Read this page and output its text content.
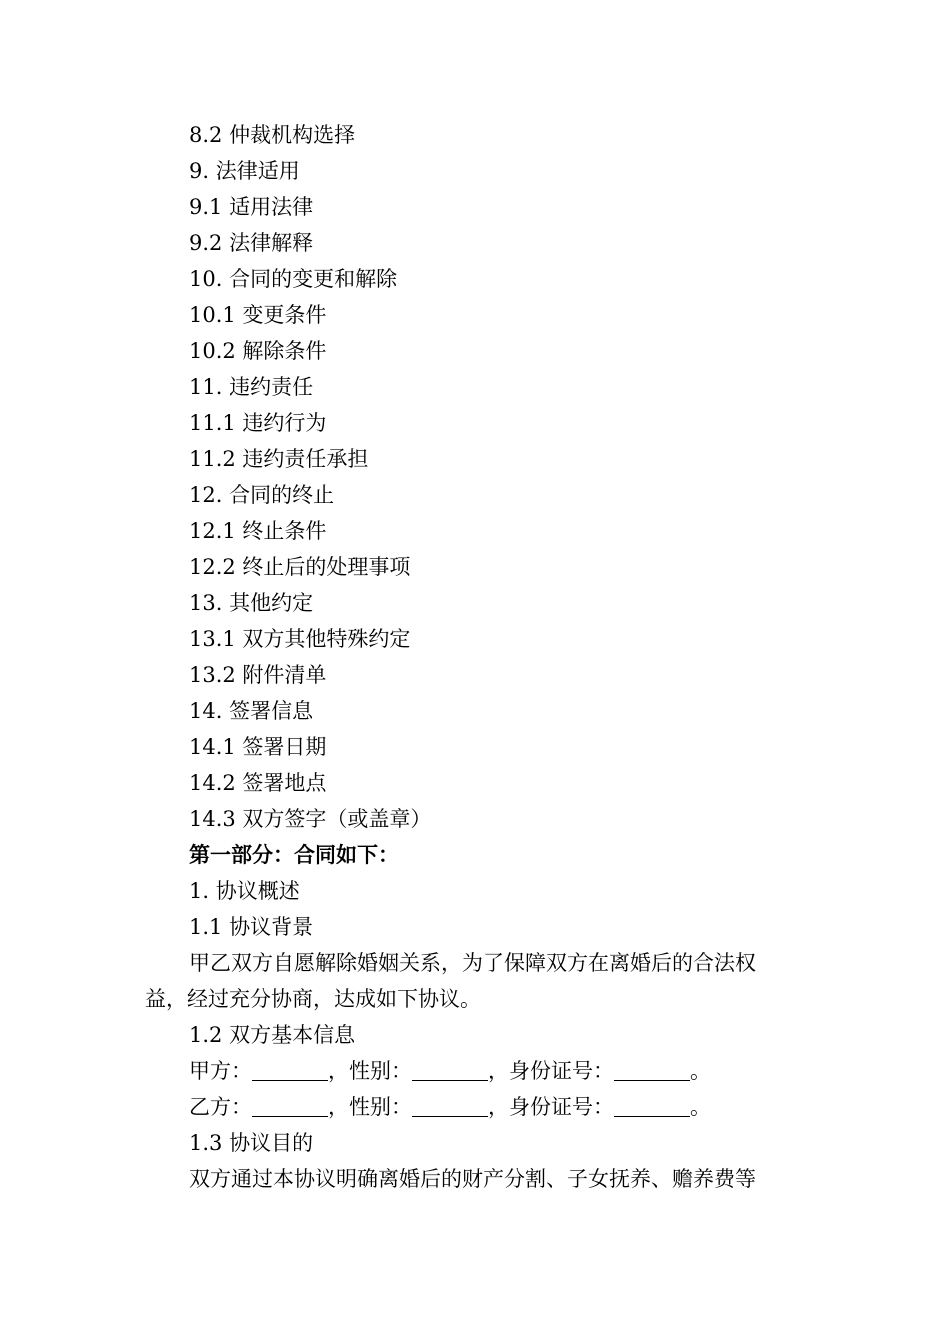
8.2 仲裁机构选择
9. 法律适用
9.1 适用法律
9.2 法律解释
10. 合同的变更和解除
10.1 变更条件
10.2 解除条件
11. 违约责任
11.1 违约行为
11.2 违约责任承担
12. 合同的终止
12.1 终止条件
12.2 终止后的处理事项
13. 其他约定
13.1 双方其他特殊约定
13.2 附件清单
14. 签署信息
14.1 签署日期
14.2 签署地点
14.3 双方签字（或盖章）
第一部分：合同如下：
1. 协议概述
1.1 协议背景
甲乙双方自愿解除婚姻关系，为了保障双方在离婚后的合法权
益，经过充分协商，达成如下协议。
1.2 双方基本信息
甲方：	，性别：	，身份证号：	。
乙方：	，性别：	，身份证号：	。
1.3 协议目的
双方通过本协议明确离婚后的财产分割、子女抚养、赡养费等
